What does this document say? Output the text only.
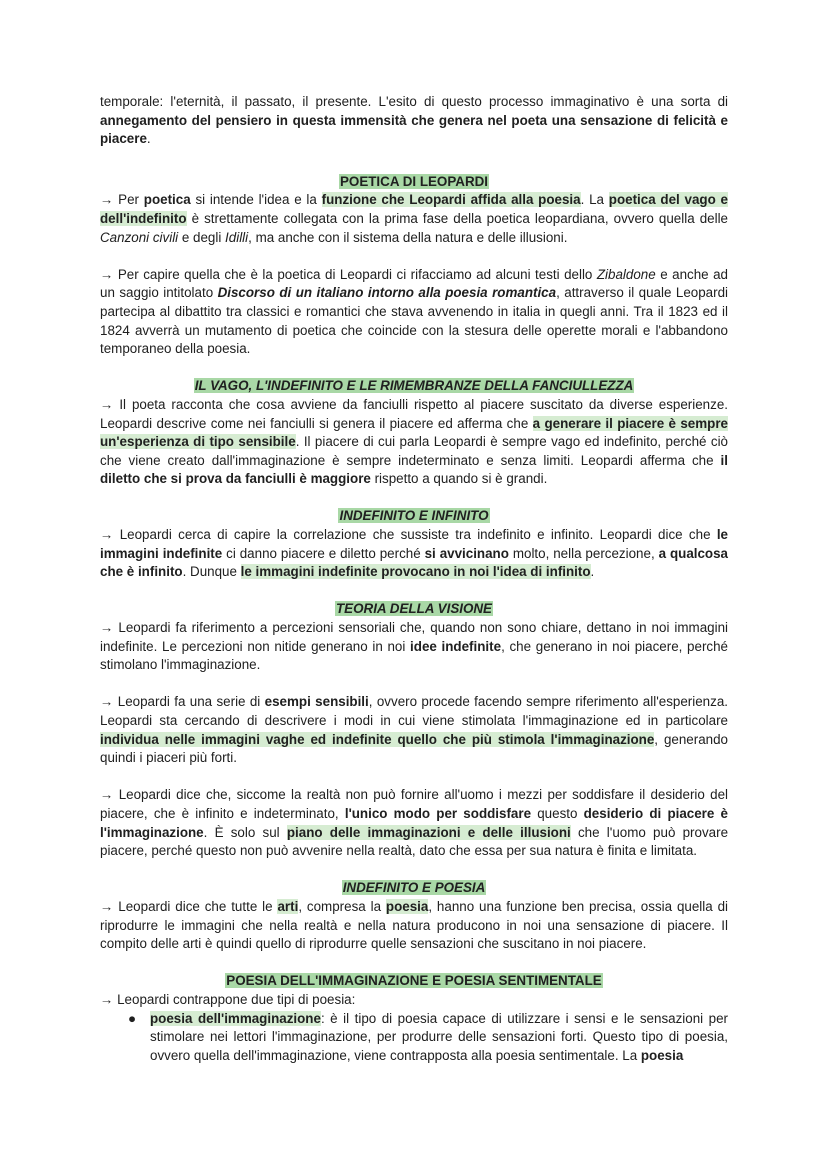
temporale: l'eternità, il passato, il presente. L'esito di questo processo immaginativo è una sorta di annegamento del pensiero in questa immensità che genera nel poeta una sensazione di felicità e piacere.

POETICA DI LEOPARDI

→ Per poetica si intende l'idea e la funzione che Leopardi affida alla poesia. La poetica del vago e dell'indefinito è strettamente collegata con la prima fase della poetica leopardiana, ovvero quella delle Canzoni civili e degli Idilli, ma anche con il sistema della natura e delle illusioni.

→ Per capire quella che è la poetica di Leopardi ci rifacciamo ad alcuni testi dello Zibaldone e anche ad un saggio intitolato Discorso di un italiano intorno alla poesia romantica, attraverso il quale Leopardi partecipa al dibattito tra classici e romantici che stava avvenendo in italia in quegli anni. Tra il 1823 ed il 1824 avverrà un mutamento di poetica che coincide con la stesura delle operette morali e l'abbandono temporaneo della poesia.

IL VAGO, L'INDEFINITO E LE RIMEMBRANZE DELLA FANCIULLEZZA

→ Il poeta racconta che cosa avviene da fanciulli rispetto al piacere suscitato da diverse esperienze. Leopardi descrive come nei fanciulli si genera il piacere ed afferma che a generare il piacere è sempre un'esperienza di tipo sensibile. Il piacere di cui parla Leopardi è sempre vago ed indefinito, perché ciò che viene creato dall'immaginazione è sempre indeterminato e senza limiti. Leopardi afferma che il diletto che si prova da fanciulli è maggiore rispetto a quando si è grandi.

INDEFINITO E INFINITO

→ Leopardi cerca di capire la correlazione che sussiste tra indefinito e infinito. Leopardi dice che le immagini indefinite ci danno piacere e diletto perché si avvicinano molto, nella percezione, a qualcosa che è infinito. Dunque le immagini indefinite provocano in noi l'idea di infinito.

TEORIA DELLA VISIONE

→ Leopardi fa riferimento a percezioni sensoriali che, quando non sono chiare, dettano in noi immagini indefinite. Le percezioni non nitide generano in noi idee indefinite, che generano in noi piacere, perché stimolano l'immaginazione.

→ Leopardi fa una serie di esempi sensibili, ovvero procede facendo sempre riferimento all'esperienza. Leopardi sta cercando di descrivere i modi in cui viene stimolata l'immaginazione ed in particolare individua nelle immagini vaghe ed indefinite quello che più stimola l'immaginazione, generando quindi i piaceri più forti.

→ Leopardi dice che, siccome la realtà non può fornire all'uomo i mezzi per soddisfare il desiderio del piacere, che è infinito e indeterminato, l'unico modo per soddisfare questo desiderio di piacere è l'immaginazione. È solo sul piano delle immaginazioni e delle illusioni che l'uomo può provare piacere, perché questo non può avvenire nella realtà, dato che essa per sua natura è finita e limitata.

INDEFINITO E POESIA

→ Leopardi dice che tutte le arti, compresa la poesia, hanno una funzione ben precisa, ossia quella di riprodurre le immagini che nella realtà e nella natura producono in noi una sensazione di piacere. Il compito delle arti è quindi quello di riprodurre quelle sensazioni che suscitano in noi piacere.

POESIA DELL'IMMAGINAZIONE E POESIA SENTIMENTALE

→ Leopardi contrappone due tipi di poesia:

● poesia dell'immaginazione: è il tipo di poesia capace di utilizzare i sensi e le sensazioni per stimolare nei lettori l'immaginazione, per produrre delle sensazioni forti. Questo tipo di poesia, ovvero quella dell'immaginazione, viene contrapposta alla poesia sentimentale. La poesia
